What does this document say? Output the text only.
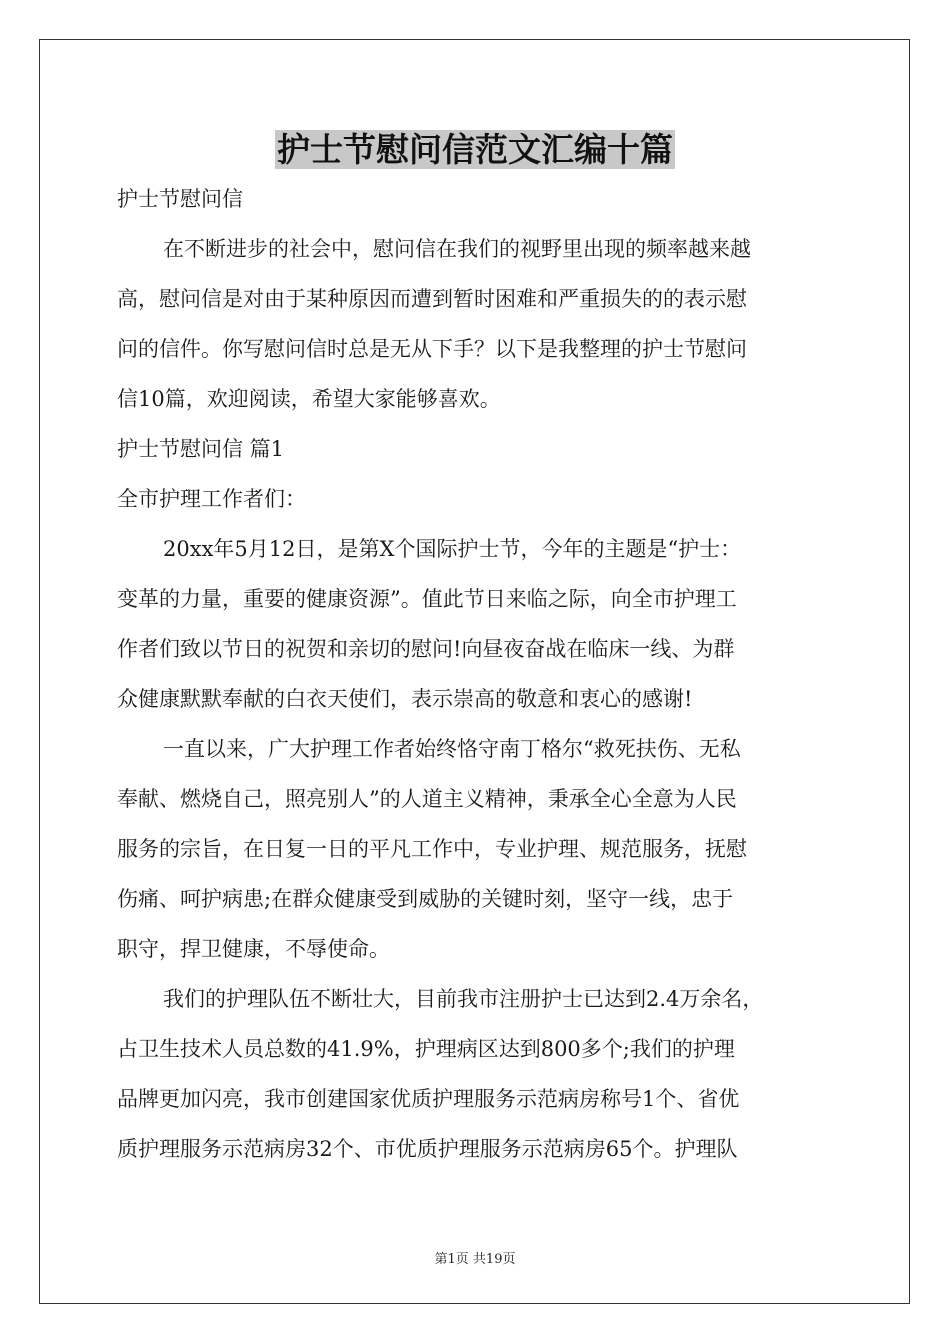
护士节慰问信范文汇编十篇
护士节慰问信
在不断进步的社会中，慰问信在我们的视野里出现的频率越来越
高，慰问信是对由于某种原因而遭到暂时困难和严重损失的的表示慰
问的信件。你写慰问信时总是无从下手？以下是我整理的护士节慰问
信10篇，欢迎阅读，希望大家能够喜欢。
护士节慰问信 篇1
全市护理工作者们：
20xx年5月12日，是第X个国际护士节，今年的主题是“护士：
变革的力量，重要的健康资源”。值此节日来临之际，向全市护理工
作者们致以节日的祝贺和亲切的慰问!向昼夜奋战在临床一线、为群
众健康默默奉献的白衣天使们，表示崇高的敬意和衷心的感谢!
一直以来，广大护理工作者始终恪守南丁格尔“救死扶伤、无私
奉献、燃烧自己，照亮别人”的人道主义精神，秉承全心全意为人民
服务的宗旨，在日复一日的平凡工作中，专业护理、规范服务，抚慰
伤痛、呵护病患;在群众健康受到威胁的关键时刻，坚守一线，忠于
职守，捍卫健康，不辱使命。
我们的护理队伍不断壮大，目前我市注册护士已达到2.4万余名，
占卫生技术人员总数的41.9%，护理病区达到800多个;我们的护理
品牌更加闪亮，我市创建国家优质护理服务示范病房称号1个、省优
质护理服务示范病房32个、市优质护理服务示范病房65个。护理队
第1页 共19页
